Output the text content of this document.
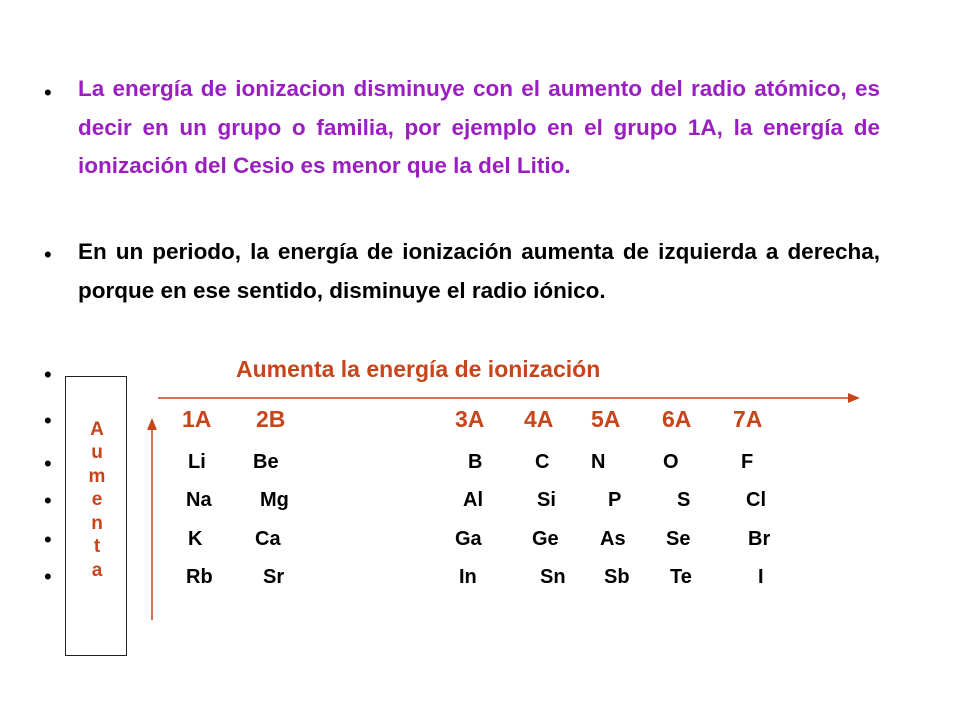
•
•
•
•
•
•
•
•
La energía de ionizacion disminuye con el aumento del radio atómico, es decir en un grupo o familia, por ejemplo en el grupo 1A, la energía de ionización del Cesio es menor que la del Litio.
En un periodo, la energía de ionización aumenta de izquierda a derecha, porque en ese sentido, disminuye el radio iónico.
Aumenta la energía de ionización
A
u
m
e
n
t
a
1A 2B	3A 4A 5A 6A 7A
Li Be	B	C N	O	F
Na Mg	Al	Si	P	S	Cl
K	Ca	Ga	Ge As Se	Br
Rb	Sr	In	Sn Sb Te	I
